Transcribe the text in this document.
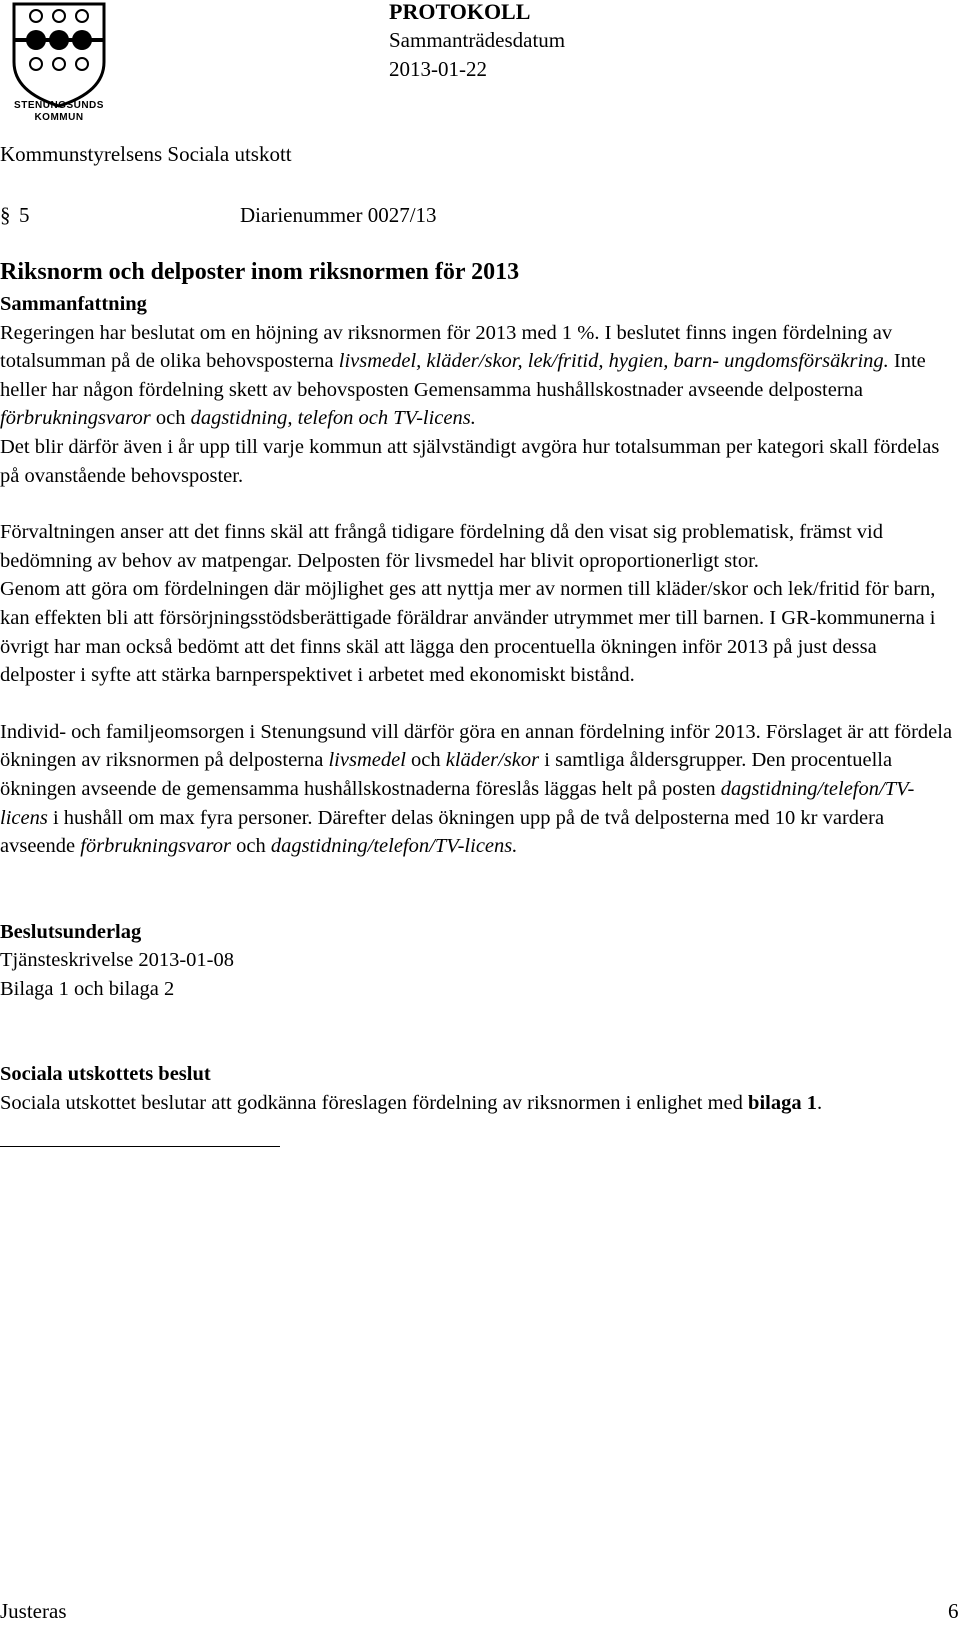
STENUNGSUNDS
KOMMUN
PROTOKOLL
Sammanträdesdatum
2013-01-22
Kommunstyrelsens Sociala utskott
§ 5	Diarienummer 0027/13
Riksnorm och delposter inom riksnormen för 2013
Sammanfattning

Regeringen har beslutat om en höjning av riksnormen för 2013 med 1 %. I beslutet finns ingen fördelning av totalsumman på de olika behovsposterna livsmedel, kläder/skor, lek/fritid, hygien, barn- ungdomsförsäkring. Inte heller har någon fördelning skett av behovsposten Gemensamma hushållskostnader avseende delposterna förbrukningsvaror och dagstidning, telefon och TV-licens.

Det blir därför även i år upp till varje kommun att självständigt avgöra hur totalsumman per kategori skall fördelas på ovanstående behovsposter.

Förvaltningen anser att det finns skäl att frångå tidigare fördelning då den visat sig problematisk, främst vid bedömning av behov av matpengar. Delposten för livsmedel har blivit oproportionerligt stor.

Genom att göra om fördelningen där möjlighet ges att nyttja mer av normen till kläder/skor och lek/fritid för barn, kan effekten bli att försörjningsstödsberättigade föräldrar använder utrymmet mer till barnen. I GR-kommunerna i övrigt har man också bedömt att det finns skäl att lägga den procentuella ökningen inför 2013 på just dessa delposter i syfte att stärka barnperspektivet i arbetet med ekonomiskt bistånd.

Individ- och familjeomsorgen i Stenungsund vill därför göra en annan fördelning inför 2013. Förslaget är att fördela ökningen av riksnormen på delposterna livsmedel och kläder/skor i samtliga åldersgrupper. Den procentuella ökningen avseende de gemensamma hushållskostnaderna föreslås läggas helt på posten dagstidning/telefon/TV-licens i hushåll om max fyra personer. Därefter delas ökningen upp på de två delposterna med 10 kr vardera avseende förbrukningsvaror och dagstidning/telefon/TV-licens.

Beslutsunderlag

Tjänsteskrivelse 2013-01-08

Bilaga 1 och bilaga 2

Sociala utskottets beslut

Sociala utskottet beslutar att godkänna föreslagen fördelning av riksnormen i enlighet med bilaga 1.

Justeras	6
